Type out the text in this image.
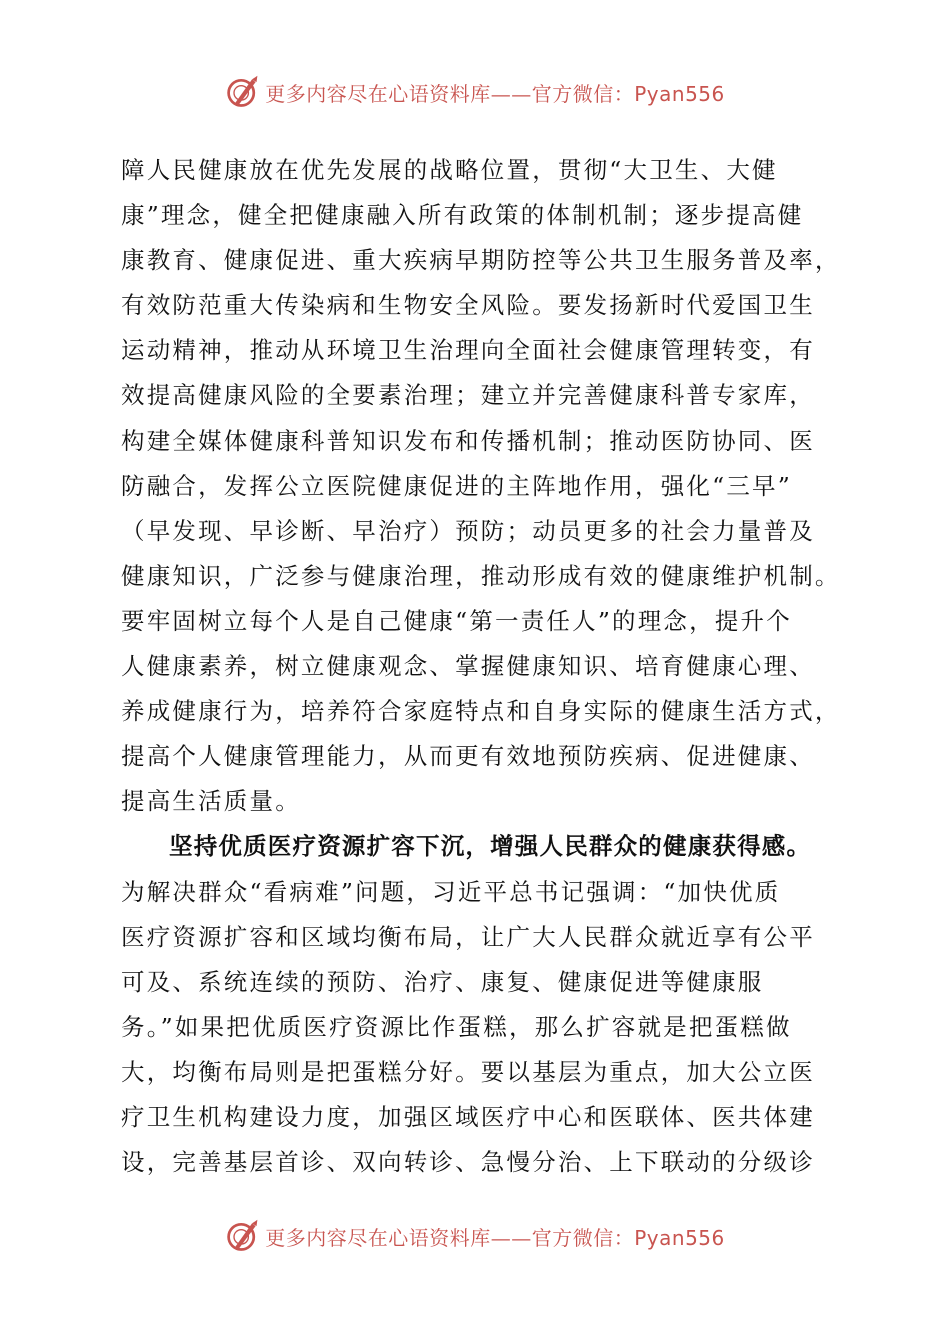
更多内容尽在心语资料库——官方微信：Pyan556
障人民健康放在优先发展的战略位置，贯彻“大卫生、大健
康”理念，健全把健康融入所有政策的体制机制；逐步提高健
康教育、健康促进、重大疾病早期防控等公共卫生服务普及率，
有效防范重大传染病和生物安全风险。要发扬新时代爱国卫生
运动精神，推动从环境卫生治理向全面社会健康管理转变，有
效提高健康风险的全要素治理；建立并完善健康科普专家库，
构建全媒体健康科普知识发布和传播机制；推动医防协同、医
防融合，发挥公立医院健康促进的主阵地作用，强化“三早”
（早发现、早诊断、早治疗）预防；动员更多的社会力量普及
健康知识，广泛参与健康治理，推动形成有效的健康维护机制。
要牢固树立每个人是自己健康“第一责任人”的理念，提升个
人健康素养，树立健康观念、掌握健康知识、培育健康心理、
养成健康行为，培养符合家庭特点和自身实际的健康生活方式，
提高个人健康管理能力，从而更有效地预防疾病、促进健康、
提高生活质量。
坚持优质医疗资源扩容下沉，增强人民群众的健康获得感。
为解决群众“看病难”问题，习近平总书记强调：“加快优质
医疗资源扩容和区域均衡布局，让广大人民群众就近享有公平
可及、系统连续的预防、治疗、康复、健康促进等健康服
务。”如果把优质医疗资源比作蛋糕，那么扩容就是把蛋糕做
大，均衡布局则是把蛋糕分好。要以基层为重点，加大公立医
疗卫生机构建设力度，加强区域医疗中心和医联体、医共体建
设，完善基层首诊、双向转诊、急慢分治、上下联动的分级诊
更多内容尽在心语资料库——官方微信：Pyan556
